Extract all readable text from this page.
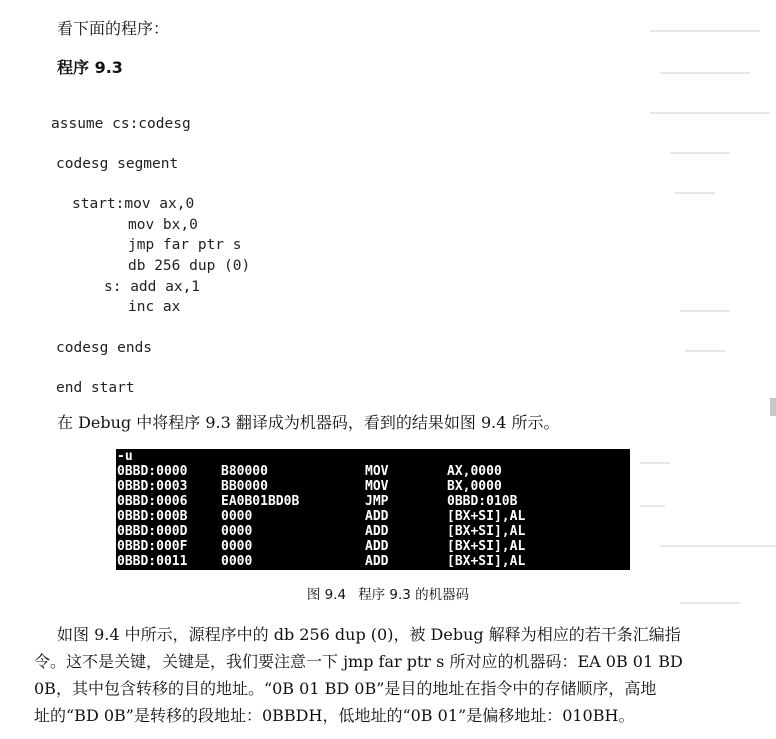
看下面的程序：
程序 9.3
assume cs:codesg
codesg segment
start:mov ax,0
mov bx,0
jmp far ptr s
db 256 dup (0)
s: add ax,1
inc ax
codesg ends
end start
在 Debug 中将程序 9.3 翻译成为机器码，看到的结果如图 9.4 所示。
-u
0BBD:0000	B80000	MOV	AX,0000
0BBD:0003	BB0000	MOV	BX,0000
0BBD:0006	EA0B01BD0B	JMP	0BBD:010B
0BBD:000B	0000	ADD	[BX+SI],AL
0BBD:000D	0000	ADD	[BX+SI],AL
0BBD:000F	0000	ADD	[BX+SI],AL
0BBD:0011	0000	ADD	[BX+SI],AL
图 9.4 程序 9.3 的机器码
如图 9.4 中所示，源程序中的 db 256 dup (0)，被 Debug 解释为相应的若干条汇编指
令。这不是关键，关键是，我们要注意一下 jmp far ptr s 所对应的机器码：EA 0B 01 BD
0B，其中包含转移的目的地址。“0B 01 BD 0B”是目的地址在指令中的存储顺序，高地
址的“BD 0B”是转移的段地址：0BBDH，低地址的“0B 01”是偏移地址：010BH。
